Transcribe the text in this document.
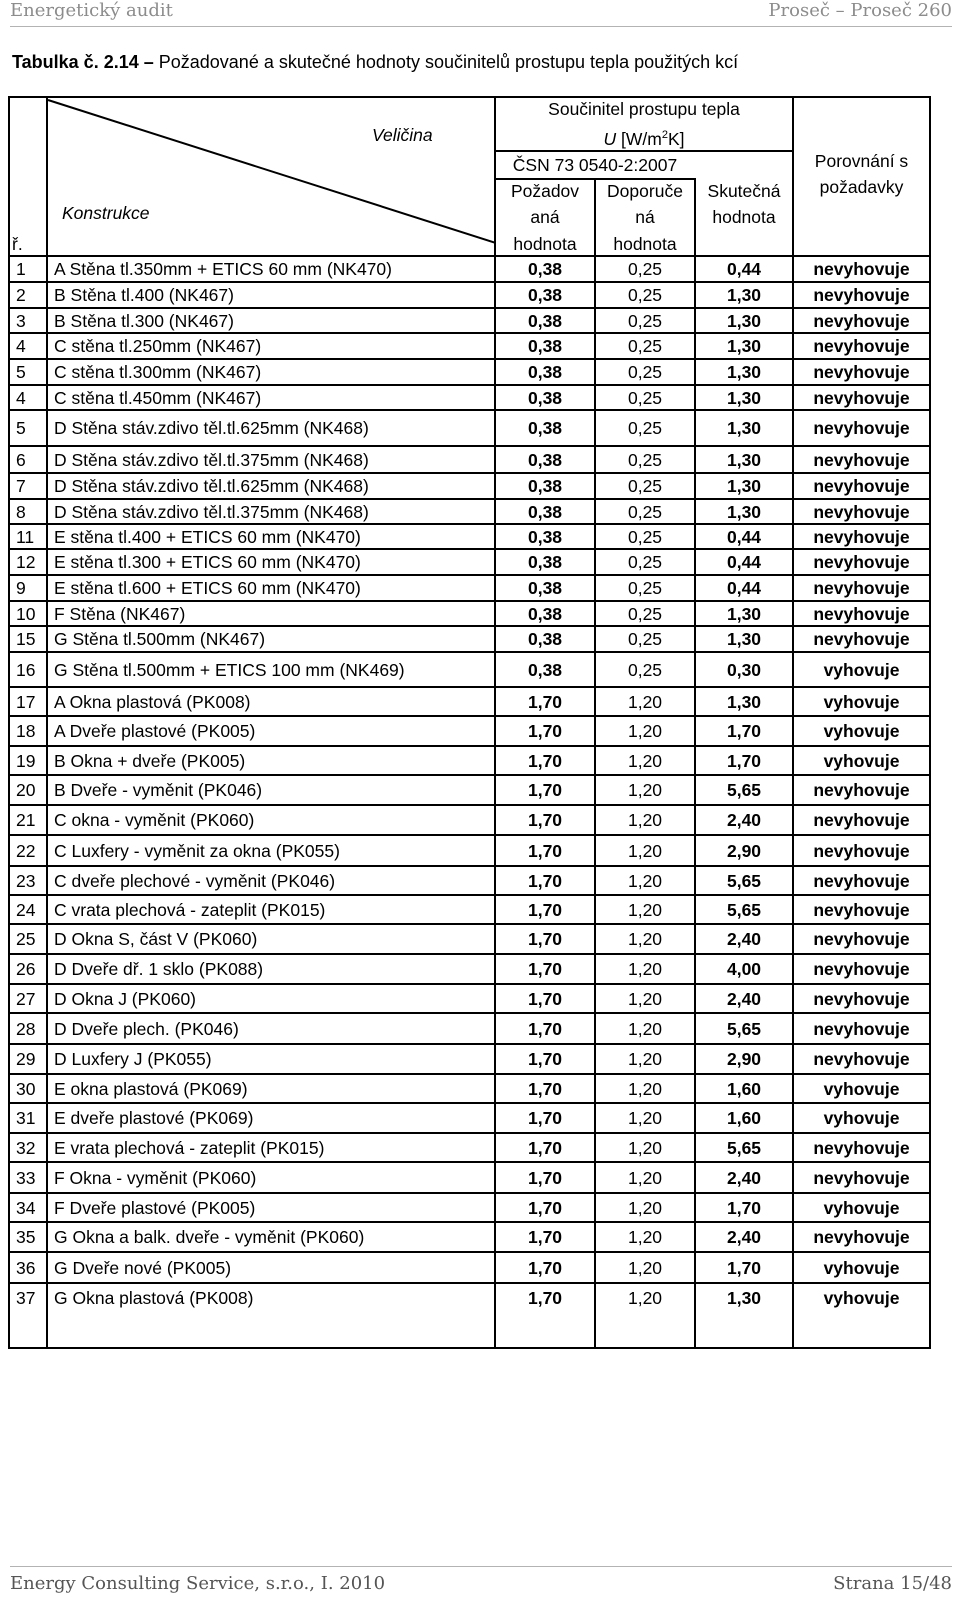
Energetický audit	Proseč – Proseč 260
Tabulka č. 2.14 – Požadované a skutečné hodnoty součinitelů prostupu tepla použitých kcí
Veličina
Konstrukce
ř.
Součinitel prostupu tepla
U $[W/m^2K]$
ČSN 73 0540-2:2007
Požadov
aná
hodnota
Doporuče
ná
hodnota
Skutečná
hodnota
Porovnání s
požadavky
1	A Stěna tl.350mm + ETICS 60 mm (NK470)	0,38	0,25	0,44	nevyhovuje
2	B Stěna tl.400 (NK467)	0,38	0,25	1,30	nevyhovuje
3	B Stěna tl.300 (NK467)	0,38	0,25	1,30	nevyhovuje
4	C stěna tl.250mm (NK467)	0,38	0,25	1,30	nevyhovuje
5	C stěna tl.300mm (NK467)	0,38	0,25	1,30	nevyhovuje
4	C stěna tl.450mm (NK467)	0,38	0,25	1,30	nevyhovuje
5	D Stěna stáv.zdivo těl.tl.625mm (NK468)	0,38	0,25	1,30	nevyhovuje
6	D Stěna stáv.zdivo těl.tl.375mm (NK468)	0,38	0,25	1,30	nevyhovuje
7	D Stěna stáv.zdivo těl.tl.625mm (NK468)	0,38	0,25	1,30	nevyhovuje
8	D Stěna stáv.zdivo těl.tl.375mm (NK468)	0,38	0,25	1,30	nevyhovuje
11	E stěna tl.400 + ETICS 60 mm (NK470)	0,38	0,25	0,44	nevyhovuje
12	E stěna tl.300 + ETICS 60 mm (NK470)	0,38	0,25	0,44	nevyhovuje
9	E stěna tl.600 + ETICS 60 mm (NK470)	0,38	0,25	0,44	nevyhovuje
10	F Stěna (NK467)	0,38	0,25	1,30	nevyhovuje
15	G Stěna tl.500mm (NK467)	0,38	0,25	1,30	nevyhovuje
16	G Stěna tl.500mm + ETICS 100 mm (NK469)	0,38	0,25	0,30	vyhovuje
17	A Okna plastová (PK008)	1,70	1,20	1,30	vyhovuje
18	A Dveře plastové (PK005)	1,70	1,20	1,70	vyhovuje
19	B Okna + dveře (PK005)	1,70	1,20	1,70	vyhovuje
20	B Dveře - vyměnit (PK046)	1,70	1,20	5,65	nevyhovuje
21	C okna - vyměnit (PK060)	1,70	1,20	2,40	nevyhovuje
22	C Luxfery - vyměnit za okna (PK055)	1,70	1,20	2,90	nevyhovuje
23	C dveře plechové - vyměnit (PK046)	1,70	1,20	5,65	nevyhovuje
24	C vrata plechová - zateplit (PK015)	1,70	1,20	5,65	nevyhovuje
25	D Okna S, část V (PK060)	1,70	1,20	2,40	nevyhovuje
26	D Dveře dř. 1 sklo (PK088)	1,70	1,20	4,00	nevyhovuje
27	D Okna J (PK060)	1,70	1,20	2,40	nevyhovuje
28	D Dveře plech. (PK046)	1,70	1,20	5,65	nevyhovuje
29	D Luxfery J (PK055)	1,70	1,20	2,90	nevyhovuje
30	E okna plastová (PK069)	1,70	1,20	1,60	vyhovuje
31	E dveře plastové (PK069)	1,70	1,20	1,60	vyhovuje
32	E vrata plechová - zateplit (PK015)	1,70	1,20	5,65	nevyhovuje
33	F Okna - vyměnit (PK060)	1,70	1,20	2,40	nevyhovuje
34	F Dveře plastové (PK005)	1,70	1,20	1,70	vyhovuje
35	G Okna a balk. dveře - vyměnit (PK060)	1,70	1,20	2,40	nevyhovuje
36	G Dveře nové (PK005)	1,70	1,20	1,70	vyhovuje
37	G Okna plastová (PK008)	1,70	1,20	1,30	vyhovuje
Energy Consulting Service, s.r.o., I. 2010	Strana 15/48
